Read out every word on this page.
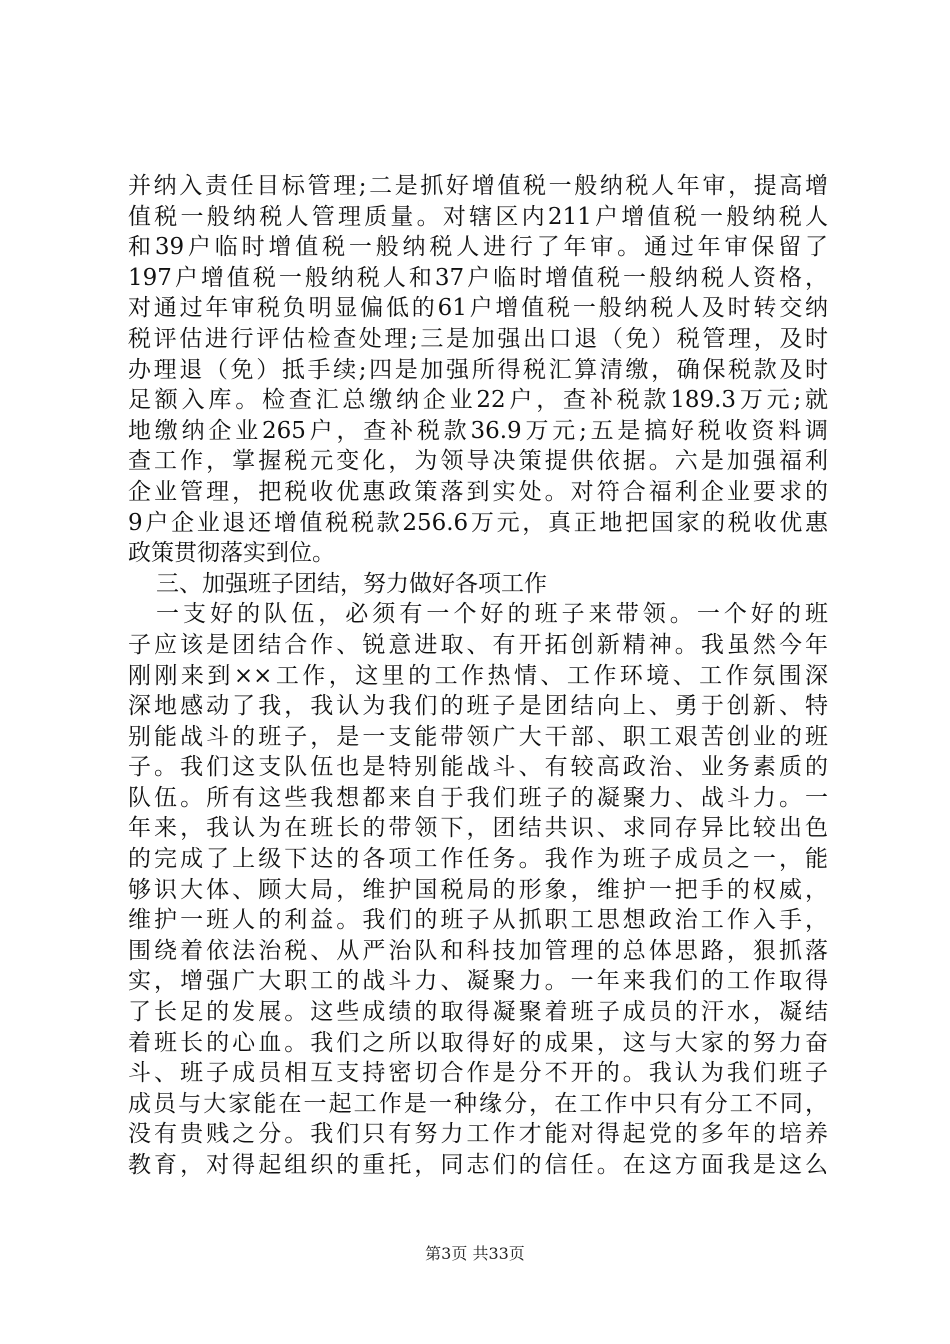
并纳入责任目标管理;二是抓好增值税一般纳税人年审，提高增
值税一般纳税人管理质量。对辖区内211户增值税一般纳税人
和39户临时增值税一般纳税人进行了年审。通过年审保留了
197户增值税一般纳税人和37户临时增值税一般纳税人资格，
对通过年审税负明显偏低的61户增值税一般纳税人及时转交纳
税评估进行评估检查处理;三是加强出口退（免）税管理，及时
办理退（免）抵手续;四是加强所得税汇算清缴，确保税款及时
足额入库。检查汇总缴纳企业22户，查补税款189.3万元;就
地缴纳企业265户，查补税款36.9万元;五是搞好税收资料调
查工作，掌握税元变化，为领导决策提供依据。六是加强福利
企业管理，把税收优惠政策落到实处。对符合福利企业要求的
9户企业退还增值税税款256.6万元，真正地把国家的税收优惠
政策贯彻落实到位。
三、加强班子团结，努力做好各项工作
一支好的队伍，必须有一个好的班子来带领。一个好的班
子应该是团结合作、锐意进取、有开拓创新精神。我虽然今年
刚刚来到××工作，这里的工作热情、工作环境、工作氛围深
深地感动了我，我认为我们的班子是团结向上、勇于创新、特
别能战斗的班子，是一支能带领广大干部、职工艰苦创业的班
子。我们这支队伍也是特别能战斗、有较高政治、业务素质的
队伍。所有这些我想都来自于我们班子的凝聚力、战斗力。一
年来，我认为在班长的带领下，团结共识、求同存异比较出色
的完成了上级下达的各项工作任务。我作为班子成员之一，能
够识大体、顾大局，维护国税局的形象，维护一把手的权威，
维护一班人的利益。我们的班子从抓职工思想政治工作入手，
围绕着依法治税、从严治队和科技加管理的总体思路，狠抓落
实，增强广大职工的战斗力、凝聚力。一年来我们的工作取得
了长足的发展。这些成绩的取得凝聚着班子成员的汗水，凝结
着班长的心血。我们之所以取得好的成果，这与大家的努力奋
斗、班子成员相互支持密切合作是分不开的。我认为我们班子
成员与大家能在一起工作是一种缘分，在工作中只有分工不同，
没有贵贱之分。我们只有努力工作才能对得起党的多年的培养
教育，对得起组织的重托，同志们的信任。在这方面我是这么
第3页 共33页
